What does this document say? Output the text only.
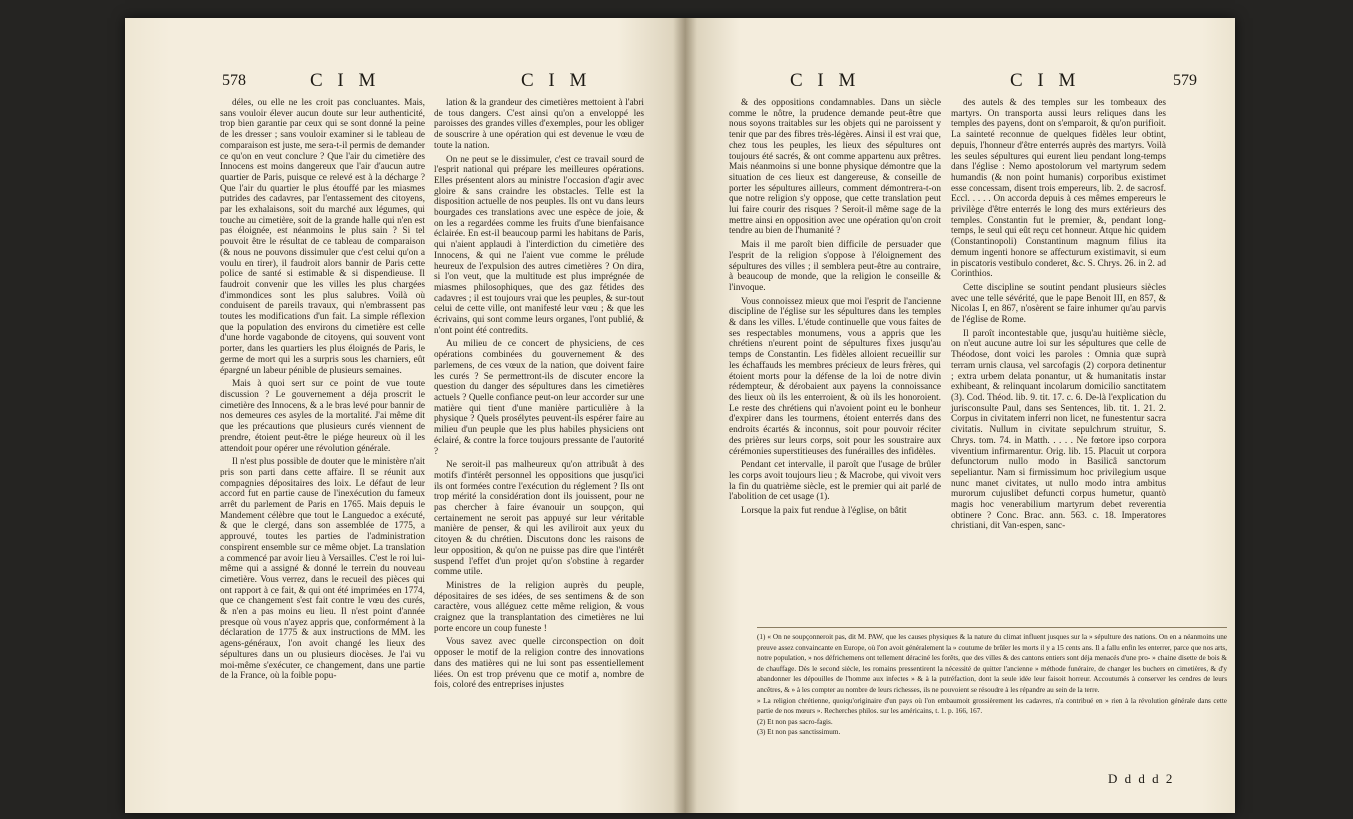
578	C I M	C I M

déles, ou elle ne les croit pas concluantes. Mais, sans vouloir élever aucun doute sur leur authenticité, trop bien garantie par ceux qui se sont donné la peine de les dresser ; sans vouloir examiner si le tableau de comparaison est juste, me sera-t-il permis de demander ce qu'on en veut conclure ? Que l'air du cimetière des Innocens est moins dangereux que l'air d'aucun autre quartier de Paris, puisque ce relevé est à la décharge ? Que l'air du quartier le plus étouffé par les miasmes putrides des cadavres, par l'entassement des citoyens, par les exhalaisons, soit du marché aux légumes, qui touche au cimetière, soit de la grande halle qui n'en est pas éloignée, est néanmoins le plus sain ? Si tel pouvoit être le résultat de ce tableau de comparaison (& nous ne pouvons dissimuler que c'est celui qu'on a voulu en tirer), il faudroit alors bannir de Paris cette police de santé si estimable & si dispendieuse. Il faudroit convenir que les villes les plus chargées d'immondices sont les plus salubres. Voilà où conduisent de pareils travaux, qui n'embrassent pas toutes les modifications d'un fait. La simple réflexion que la population des environs du cimetière est celle d'une horde vagabonde de citoyens, qui souvent vont porter, dans les quartiers les plus éloignés de Paris, le germe de mort qui les a surpris sous les charniers, eût épargné un labeur pénible de plusieurs semaines.

Mais à quoi sert sur ce point de vue toute discussion ? Le gouvernement a déja proscrit le cimetière des Innocens, & a le bras levé pour bannir de nos demeures ces asyles de la mortalité. J'ai même dit que les précautions que plusieurs curés viennent de prendre, étoient peut-être le piége heureux où il les attendoit pour opérer une révolution générale.

Il n'est plus possible de douter que le ministère n'ait pris son parti dans cette affaire. Il se réunit aux compagnies dépositaires des loix. Le défaut de leur accord fut en partie cause de l'inexécution du fameux arrêt du parlement de Paris en 1765. Mais depuis le Mandement célèbre que tout le Languedoc a exécuté, & que le clergé, dans son assemblée de 1775, a approuvé, toutes les parties de l'administration conspirent ensemble sur ce même objet. La translation a commencé par avoir lieu à Versailles. C'est le roi lui-même qui a assigné & donné le terrein du nouveau cimetière. Vous verrez, dans le recueil des pièces qui ont rapport à ce fait, & qui ont été imprimées en 1774, que ce changement s'est fait contre le vœu des curés, & n'en a pas moins eu lieu. Il n'est point d'année presque où vous n'ayez appris que, conformément à la déclaration de 1775 & aux instructions de MM. les agens-généraux, l'on avoit changé les lieux des sépultures dans un ou plusieurs diocèses. Je l'ai vu moi-même s'exécuter, ce changement, dans une partie de la France, où la foible popu-

lation & la grandeur des cimetières mettoient à l'abri de tous dangers. C'est ainsi qu'on a enveloppé les paroisses des grandes villes d'exemples, pour les obliger de souscrire à une opération qui est devenue le vœu de toute la nation.

On ne peut se le dissimuler, c'est ce travail sourd de l'esprit national qui prépare les meilleures opérations. Elles présentent alors au ministre l'occasion d'agir avec gloire & sans craindre les obstacles. Telle est la disposition actuelle de nos peuples. Ils ont vu dans leurs bourgades ces translations avec une espèce de joie, & on les a regardées comme les fruits d'une bienfaisance éclairée. En est-il beaucoup parmi les habitans de Paris, qui n'aient applaudi à l'interdiction du cimetière des Innocens, & qui ne l'aient vue comme le prélude heureux de l'expulsion des autres cimetières ? On dira, si l'on veut, que la multitude est plus imprégnée de miasmes philosophiques, que des gaz fétides des cadavres ; il est toujours vrai que les peuples, & sur-tout celui de cette ville, ont manifesté leur vœu ; & que les écrivains, qui sont comme leurs organes, l'ont publié, & n'ont point été contredits.

Au milieu de ce concert de physiciens, de ces opérations combinées du gouvernement & des parlemens, de ces vœux de la nation, que doivent faire les curés ? Se permettront-ils de discuter encore la question du danger des sépultures dans les cimetières actuels ? Quelle confiance peut-on leur accorder sur une matière qui tient d'une manière particulière à la physique ? Quels prosélytes peuvent-ils espérer faire au milieu d'un peuple que les plus habiles physiciens ont éclairé, & contre la force toujours pressante de l'autorité ?

Ne seroit-il pas malheureux qu'on attribuât à des motifs d'intérêt personnel les oppositions que jusqu'ici ils ont formées contre l'exécution du réglement ? Ils ont trop mérité la considération dont ils jouissent, pour ne pas chercher à faire évanouir un soupçon, qui certainement ne seroit pas appuyé sur leur véritable manière de penser, & qui les aviliroit aux yeux du citoyen & du chrétien. Discutons donc les raisons de leur opposition, & qu'on ne puisse pas dire que l'intérêt suspend l'effet d'un projet qu'on s'obstine à regarder comme utile.

Ministres de la religion auprès du peuple, dépositaires de ses idées, de ses sentimens & de son caractère, vous alléguez cette même religion, & vous craignez que la transplantation des cimetières ne lui porte encore un coup funeste !

Vous savez avec quelle circonspection on doit opposer le motif de la religion contre des innovations dans des matières qui ne lui sont pas essentiellement liées. On est trop prévenu que ce motif a, nombre de fois, coloré des entreprises injustes

C I M	C I M	579

& des oppositions condamnables. Dans un siècle comme le nôtre, la prudence demande peut-être que nous soyons traitables sur les objets qui ne paroissent y tenir que par des fibres très-légères. Ainsi il est vrai que, chez tous les peuples, les lieux des sépultures ont toujours été sacrés, & ont comme appartenu aux prêtres. Mais néanmoins si une bonne physique démontre que la situation de ces lieux est dangereuse, & conseille de porter les sépultures ailleurs, comment démontrera-t-on que notre religion s'y oppose, que cette translation peut lui faire courir des risques ? Seroit-il même sage de la mettre ainsi en opposition avec une opération qu'on croit tendre au bien de l'humanité ?

Mais il me paroît bien difficile de persuader que l'esprit de la religion s'oppose à l'éloignement des sépultures des villes ; il semblera peut-être au contraire, à beaucoup de monde, que la religion le conseille & l'invoque.

Vous connoissez mieux que moi l'esprit de l'ancienne discipline de l'église sur les sépultures dans les temples & dans les villes. L'étude continuelle que vous faites de ses respectables monumens, vous a appris que les chrétiens n'eurent point de sépultures fixes jusqu'au temps de Constantin. Les fidèles alloient recueillir sur les échaffauds les membres précieux de leurs frères, qui étoient morts pour la défense de la loi de notre divin rédempteur, & dérobaient aux payens la connoissance des lieux où ils les enterroient, & où ils les honoroient. Le reste des chrétiens qui n'avoient point eu le bonheur d'expirer dans les tourmens, étoient enterrés dans des endroits écartés & inconnus, soit pour pouvoir réciter des prières sur leurs corps, soit pour les soustraire aux cérémonies superstitieuses des funérailles des infidèles.

Pendant cet intervalle, il paroît que l'usage de brûler les corps avoit toujours lieu ; & Macrobe, qui vivoit vers la fin du quatrième siècle, est le premier qui ait parlé de l'abolition de cet usage (1).

Lorsque la paix fut rendue à l'église, on bâtit

des autels & des temples sur les tombeaux des martyrs. On transporta aussi leurs reliques dans les temples des payens, dont on s'emparoit, & qu'on purifioit. La sainteté reconnue de quelques fidèles leur obtint, depuis, l'honneur d'être enterrés auprès des martyrs. Voilà les seules sépultures qui eurent lieu pendant long-temps dans l'église : Nemo apostolorum vel martyrum sedem humandis (& non point humanis) corporibus existimet esse concessam, disent trois empereurs, lib. 2. de sacrosf. Eccl. . . . . On accorda depuis à ces mêmes empereurs le privilège d'être enterrés le long des murs extérieurs des temples. Constantin fut le premier, &, pendant long-temps, le seul qui eût reçu cet honneur. Atque hic quidem (Constantinopoli) Constantinum magnum filius ita demum ingenti honore se affecturum existimavit, si eum in piscatoris vestibulo conderet, &c. S. Chrys. 26. in 2. ad Corinthios.

Cette discipline se soutint pendant plusieurs siècles avec une telle sévérité, que le pape Benoit III, en 857, & Nicolas I, en 867, n'osèrent se faire inhumer qu'au parvis de l'église de Rome.

Il paroît incontestable que, jusqu'au huitième siècle, on n'eut aucune autre loi sur les sépultures que celle de Théodose, dont voici les paroles : Omnia quæ suprà terram urnis clausa, vel sarcofagis (2) corpora detinentur ; extra urbem delata ponantur, ut & humanitatis instar exhibeant, & relinquant incolarum domicilio sanctitatem (3). Cod. Théod. lib. 9. tit. 17. c. 6. De-là l'explication du jurisconsulte Paul, dans ses Sentences, lib. tit. 1. 21. 2. Corpus in civitatem inferri non licet, ne funestentur sacra civitatis. Nullum in civitate sepulchrum struitur, S. Chrys. tom. 74. in Matth. . . . . Ne fœtore ipso corpora viventium infirmarentur. Orig. lib. 15. Placuit ut corpora defunctorum nullo modo in Basilicâ sanctorum sepeliantur. Nam si firmissimum hoc privilegium usque nunc manet civitates, ut nullo modo intra ambitus murorum cujuslibet defuncti corpus humetur, quantò magis hoc venerabilium martyrum debet reverentia obtinere ? Conc. Brac. ann. 563. c. 18. Imperatores christiani, dit Van-espen, sanc-

(1) « On ne soupçonneroit pas, dit M. PAW, que les causes physiques & la nature du climat influent jusques sur la » sépulture des nations. On en a néanmoins une preuve assez convaincante en Europe, où l'on avoit généralement la » coutume de brûler les morts il y a 15 cents ans. Il a fallu enfin les enterrer, parce que nos arts, notre population, » nos défrichemens ont tellement déraciné les forêts, que des villes & des cantons entiers sont déja menacés d'une pro- » chaine disette de bois & de chauffage. Dès le second siècle, les romains pressentirent la nécessité de quitter l'ancienne » méthode funéraire, de changer les buchers en cimetières, & d'y abandonner les dépouilles de l'homme aux infectes » & à la putréfaction, dont la seule idée leur faisoit horreur. Accoutumés à conserver les cendres de leurs ancêtres, & » à les compter au nombre de leurs richesses, ils ne pouvoient se résoudre à les répandre au sein de la terre.

» La religion chrétienne, quoiqu'originaire d'un pays où l'on embaumoit grossièrement les cadavres, n'a contribué en » rien à la révolution générale dans cette partie de nos mœurs ». Recherches philos. sur les américains, t. 1. p. 166, 167.

(2) Et non pas sacro-fagis.

(3) Et non pas sanctissimum.

D d d d 2
